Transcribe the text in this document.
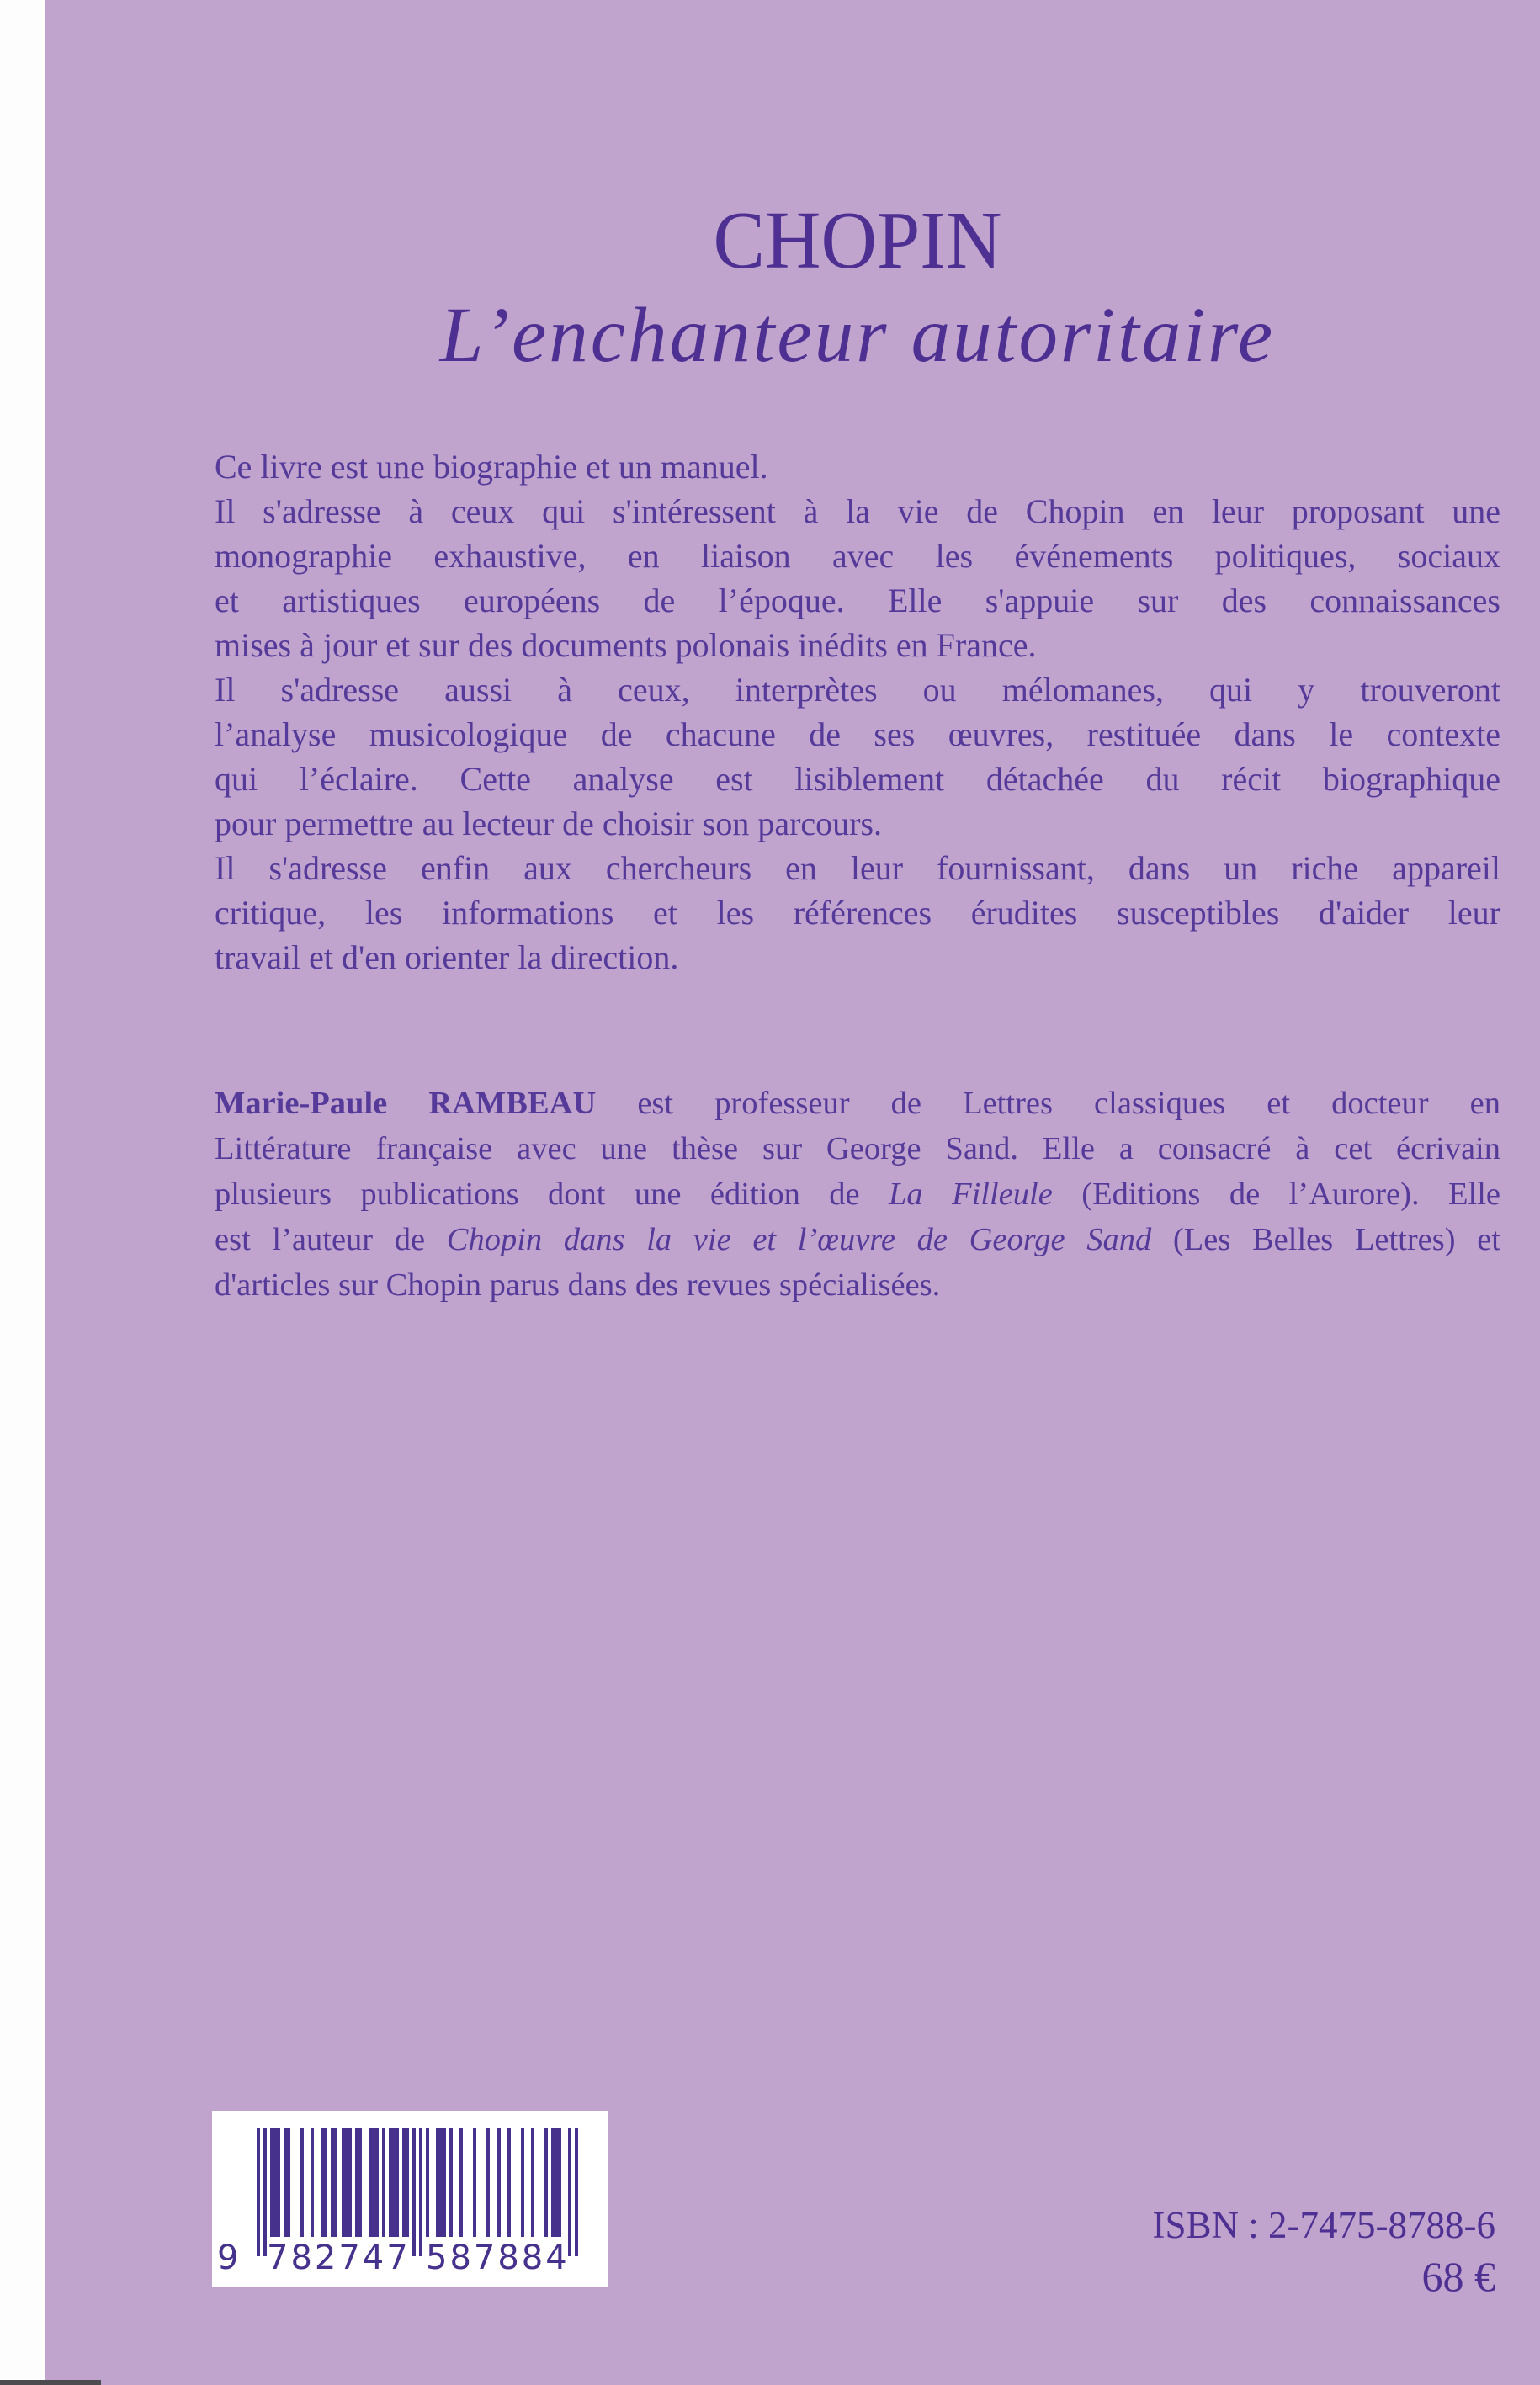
CHOPIN
L’enchanteur autoritaire
Ce livre est une biographie et un manuel.
Il s'adresse à ceux qui s'intéressent à la vie de Chopin en leur proposant une
monographie exhaustive, en liaison avec les événements politiques, sociaux
et artistiques européens de l’époque. Elle s'appuie sur des connaissances
mises à jour et sur des documents polonais inédits en France.
Il s'adresse aussi à ceux, interprètes ou mélomanes, qui y trouveront
l’analyse musicologique de chacune de ses œuvres, restituée dans le contexte
qui l’éclaire. Cette analyse est lisiblement détachée du récit biographique
pour permettre au lecteur de choisir son parcours.
Il s'adresse enfin aux chercheurs en leur fournissant, dans un riche appareil
critique, les informations et les références érudites susceptibles d'aider leur
travail et d'en orienter la direction.
Marie-Paule RAMBEAU est professeur de Lettres classiques et docteur en
Littérature française avec une thèse sur George Sand. Elle a consacré à cet écrivain
plusieurs publications dont une édition de La Filleule (Editions de l’Aurore). Elle
est l’auteur de Chopin dans la vie et l’œuvre de George Sand (Les Belles Lettres) et
d'articles sur Chopin parus dans des revues spécialisées.
9 782747 587884
ISBN : 2-7475-8788-6
68 €
